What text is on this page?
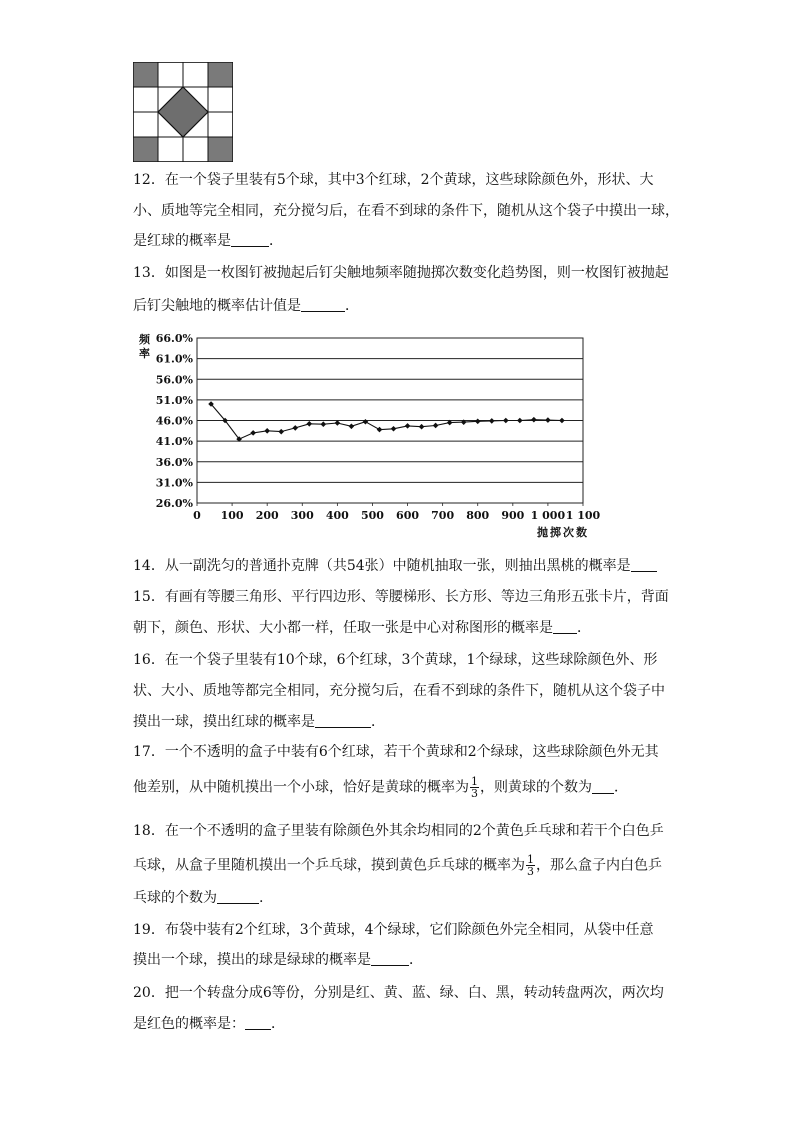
12．在一个袋子里装有5个球，其中3个红球，2个黄球，这些球除颜色外，形状、大
小、质地等完全相同，充分搅匀后，在看不到球的条件下，随机从这个袋子中摸出一球，
是红球的概率是	．
13．如图是一枚图钉被抛起后钉尖触地频率随抛掷次数变化趋势图，则一枚图钉被抛起
后钉尖触地的概率估计值是	．
66.0%
61.0%
56.0%
51.0%
46.0%
41.0%
36.0%
31.0%
26.0%
0 100 200 300 400 500 600 700 800 900 1 000 1 100
频
率
抛掷次数
14．从一副洗匀的普通扑克牌（共54张）中随机抽取一张，则抽出黑桃的概率是
15．有画有等腰三角形、平行四边形、等腰梯形、长方形、等边三角形五张卡片，背面
朝下，颜色、形状、大小都一样，任取一张是中心对称图形的概率是 ．
16．在一个袋子里装有10个球，6个红球，3个黄球，1个绿球，这些球除颜色外、形
状、大小、质地等都完全相同，充分搅匀后，在看不到球的条件下，随机从这个袋子中
摸出一球，摸出红球的概率是	．
17．一个不透明的盒子中装有6个红球，若干个黄球和2个绿球，这些球除颜色外无其
他差别，从中随机摸出一个小球，恰好是黄球的概率为 $\frac{1}{3}$ ，则黄球的个数为 ．
18．在一个不透明的盒子里装有除颜色外其余均相同的2个黄色乒乓球和若干个白色乒
乓球，从盒子里随机摸出一个乒乓球，摸到黄色乒乓球的概率为 $\frac{1}{3}$ ，那么盒子内白色乒
乓球的个数为	.
19．布袋中装有2个红球，3个黄球，4个绿球，它们除颜色外完全相同，从袋中任意
摸出一个球，摸出的球是绿球的概率是	．
20．把一个转盘分成6等份，分别是红、黄、蓝、绿、白、黑，转动转盘两次，两次均
是红色的概率是： ．
